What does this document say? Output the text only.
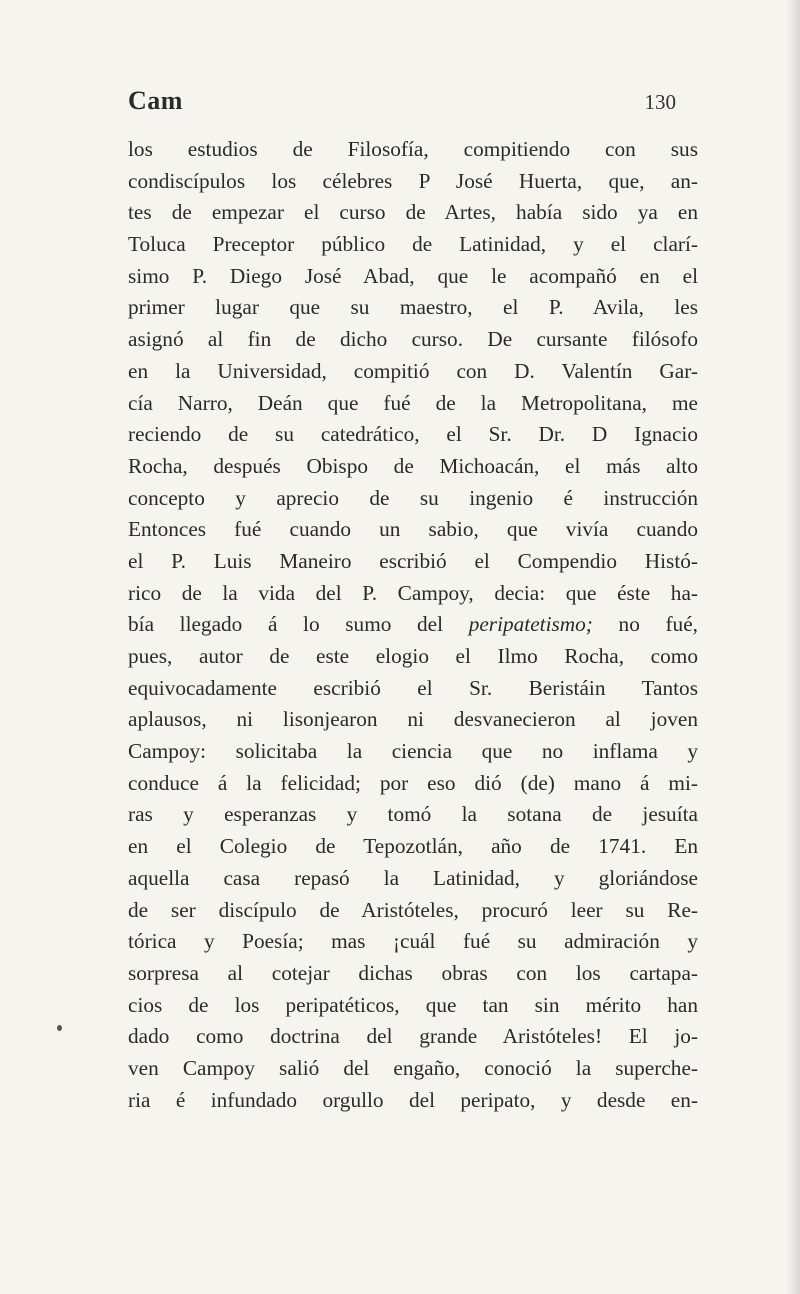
Cam	130
los estudios de Filosofía, compitiendo con sus
condiscípulos los célebres P José Huerta, que, an-
tes de empezar el curso de Artes, había sido ya en
Toluca Preceptor público de Latinidad, y el clarí-
simo P. Diego José Abad, que le acompañó en el
primer lugar que su maestro, el P. Avila, les
asignó al fin de dicho curso. De cursante filósofo
en la Universidad, compitió con D. Valentín Gar-
cía Narro, Deán que fué de la Metropolitana, me
reciendo de su catedrático, el Sr. Dr. D Ignacio
Rocha, después Obispo de Michoacán, el más alto
concepto y aprecio de su ingenio é instrucción
Entonces fué cuando un sabio, que vivía cuando
el P. Luis Maneiro escribió el Compendio Histó-
rico de la vida del P. Campoy, decia: que éste ha-
bía llegado á lo sumo del peripatetismo; no fué,
pues, autor de este elogio el Ilmo Rocha, como
equivocadamente escribió el Sr. Beristáin Tantos
aplausos, ni lisonjearon ni desvanecieron al joven
Campoy: solicitaba la ciencia que no inflama y
conduce á la felicidad; por eso dió (de) mano á mi-
ras y esperanzas y tomó la sotana de jesuíta
en el Colegio de Tepozotlán, año de 1741. En
aquella casa repasó la Latinidad, y gloriándose
de ser discípulo de Aristóteles, procuró leer su Re-
tórica y Poesía; mas ¡cuál fué su admiración y
sorpresa al cotejar dichas obras con los cartapa-
cios de los peripatéticos, que tan sin mérito han
dado como doctrina del grande Aristóteles! El jo-
ven Campoy salió del engaño, conoció la superche-
ria é infundado orgullo del peripato, y desde en-
